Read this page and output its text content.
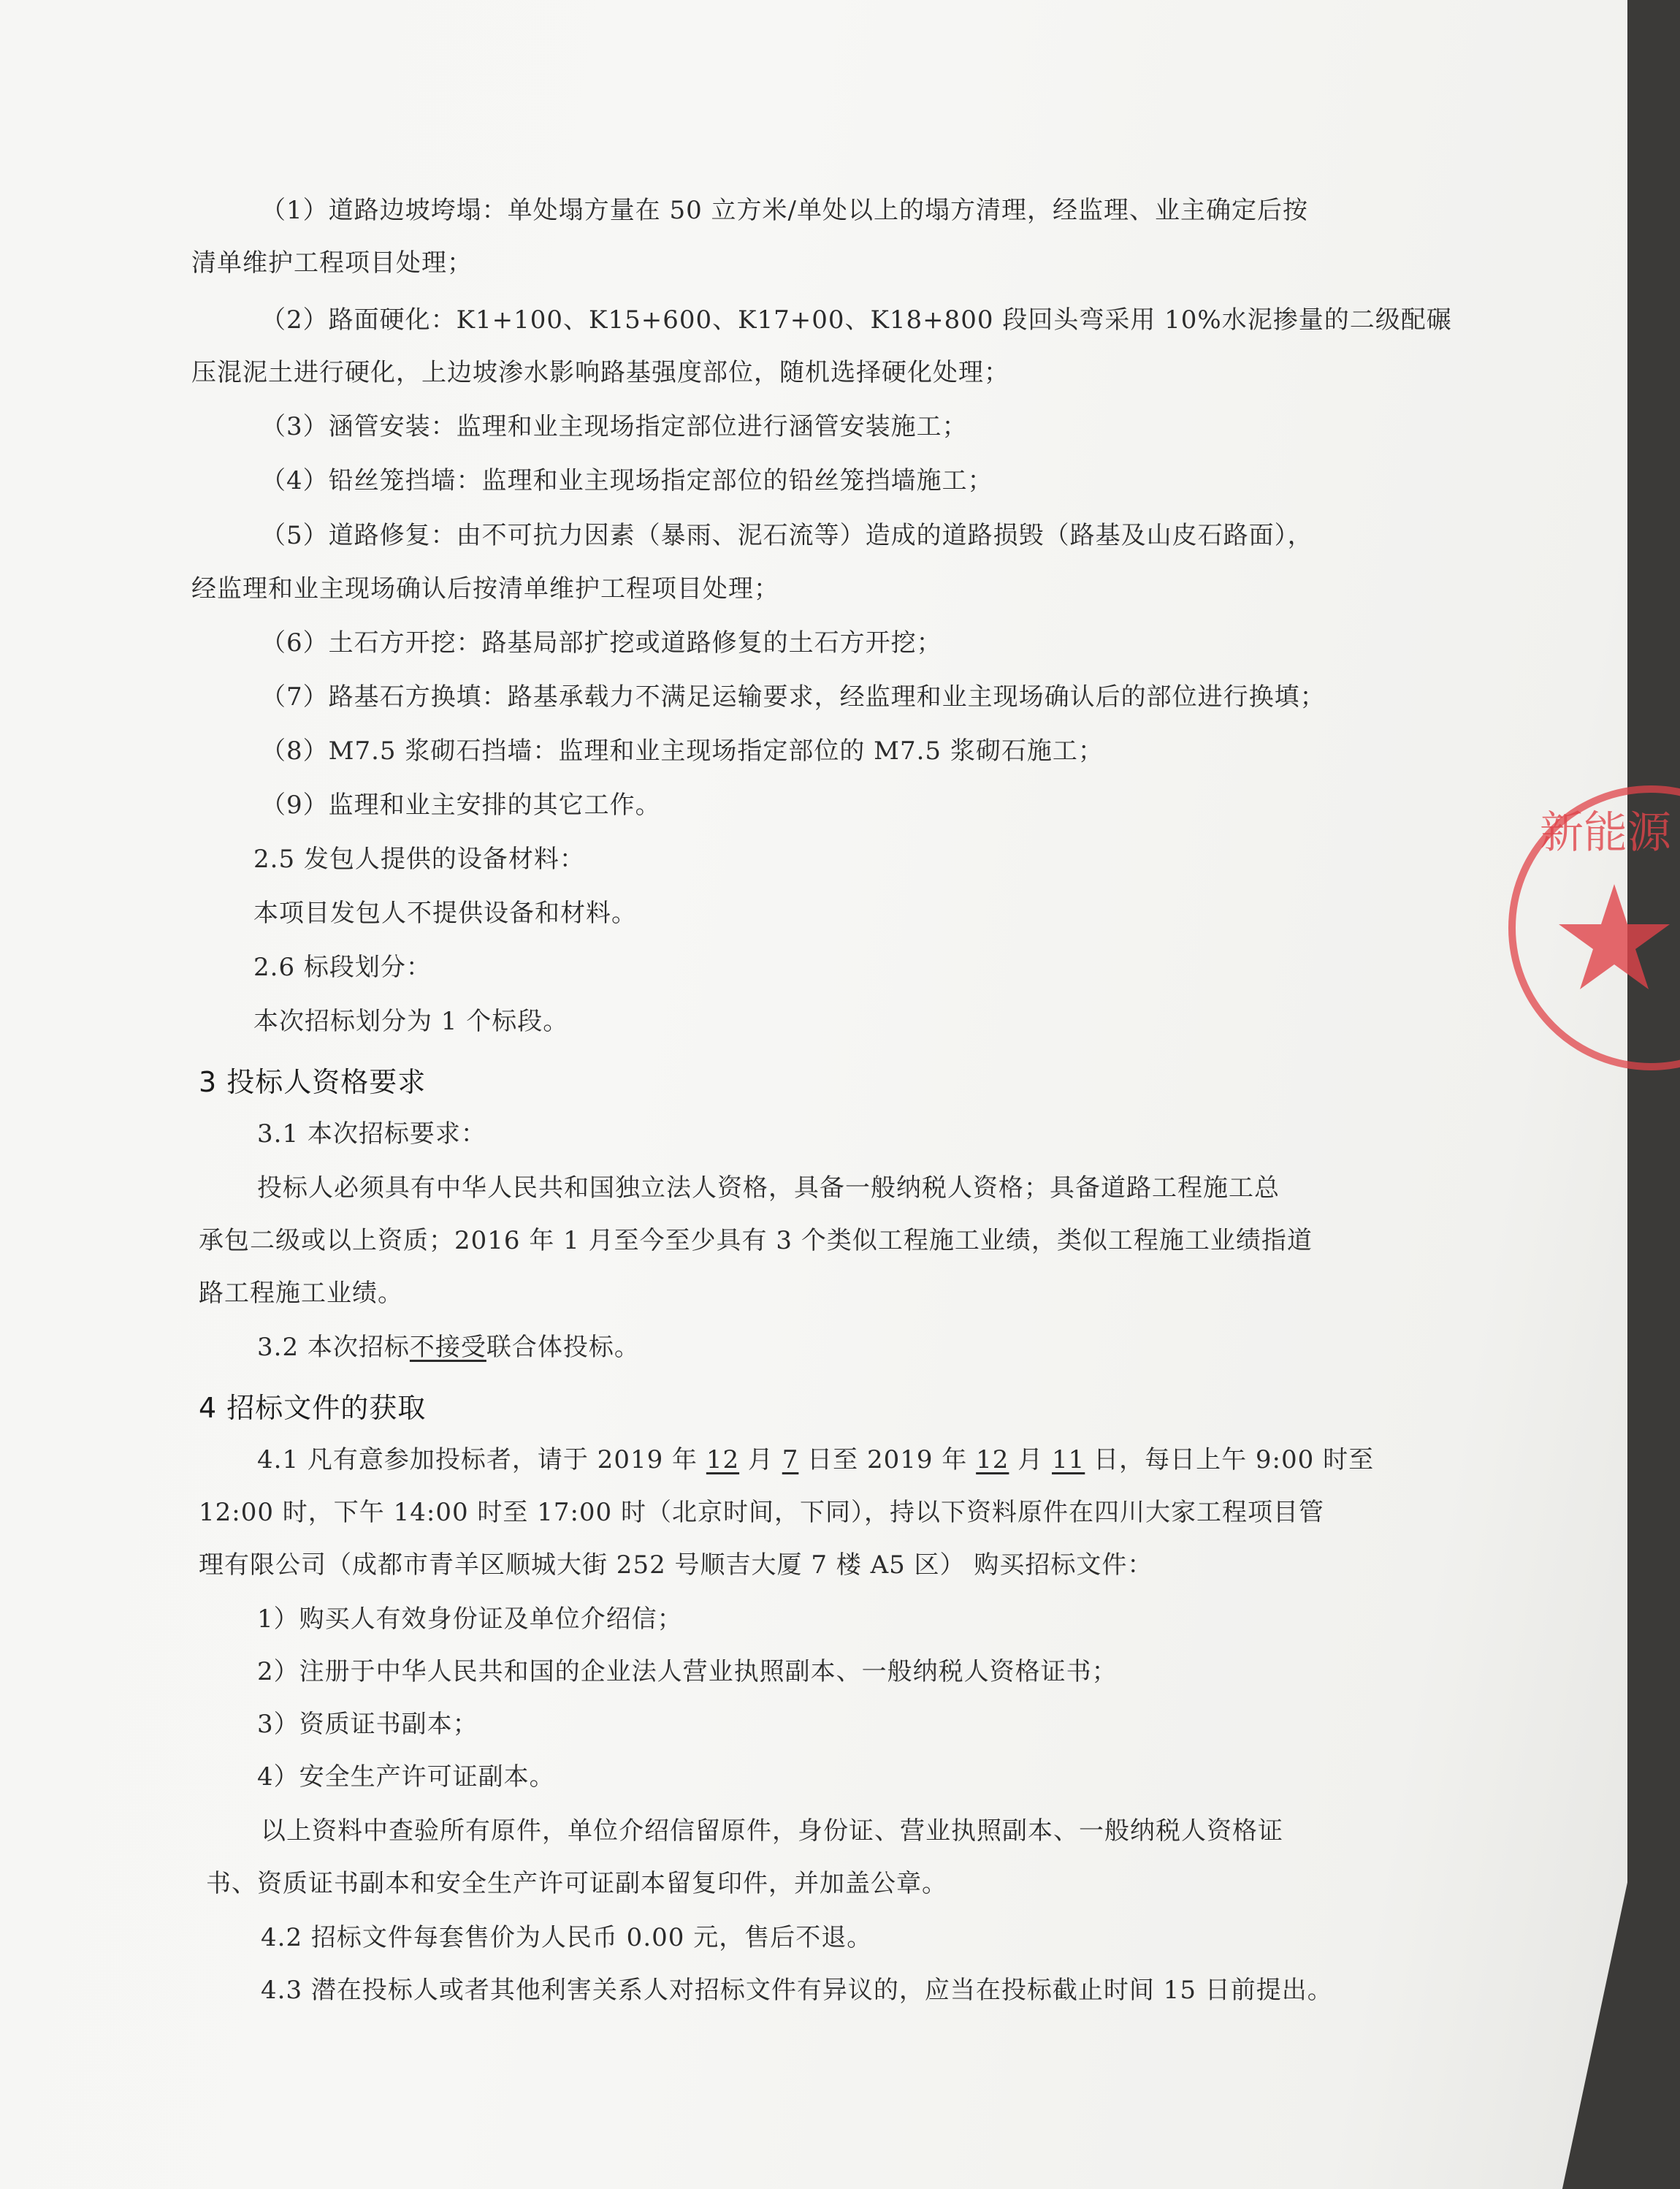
（1）道路边坡垮塌：单处塌方量在 50 立方米/单处以上的塌方清理，经监理、业主确定后按
清单维护工程项目处理；
（2）路面硬化：K1+100、K15+600、K17+00、K18+800 段回头弯采用 10%水泥掺量的二级配碾
压混泥土进行硬化，上边坡渗水影响路基强度部位，随机选择硬化处理；
（3）涵管安装：监理和业主现场指定部位进行涵管安装施工；
（4）铅丝笼挡墙：监理和业主现场指定部位的铅丝笼挡墙施工；
（5）道路修复：由不可抗力因素（暴雨、泥石流等）造成的道路损毁（路基及山皮石路面），
经监理和业主现场确认后按清单维护工程项目处理；
（6）土石方开挖：路基局部扩挖或道路修复的土石方开挖；
（7）路基石方换填：路基承载力不满足运输要求，经监理和业主现场确认后的部位进行换填；
（8）M7.5 浆砌石挡墙：监理和业主现场指定部位的 M7.5 浆砌石施工；
（9）监理和业主安排的其它工作。
2.5 发包人提供的设备材料：
本项目发包人不提供设备和材料。
2.6 标段划分：
本次招标划分为 1 个标段。
3 投标人资格要求
3.1 本次招标要求：
投标人必须具有中华人民共和国独立法人资格，具备一般纳税人资格；具备道路工程施工总
承包二级或以上资质；2016 年 1 月至今至少具有 3 个类似工程施工业绩，类似工程施工业绩指道
路工程施工业绩。
3.2 本次招标不接受联合体投标。
4 招标文件的获取
4.1 凡有意参加投标者，请于 2019 年 12 月 7 日至 2019 年 12 月 11 日，每日上午 9:00 时至
12:00 时，下午 14:00 时至 17:00 时（北京时间，下同），持以下资料原件在四川大家工程项目管
理有限公司（成都市青羊区顺城大街 252 号顺吉大厦 7 楼 A5 区） 购买招标文件：
1）购买人有效身份证及单位介绍信；
2）注册于中华人民共和国的企业法人营业执照副本、一般纳税人资格证书；
3）资质证书副本；
4）安全生产许可证副本。
以上资料中查验所有原件，单位介绍信留原件，身份证、营业执照副本、一般纳税人资格证
书、资质证书副本和安全生产许可证副本留复印件，并加盖公章。
4.2 招标文件每套售价为人民币 0.00 元，售后不退。
4.3 潜在投标人或者其他利害关系人对招标文件有异议的，应当在投标截止时间 15 日前提出。
新能源
